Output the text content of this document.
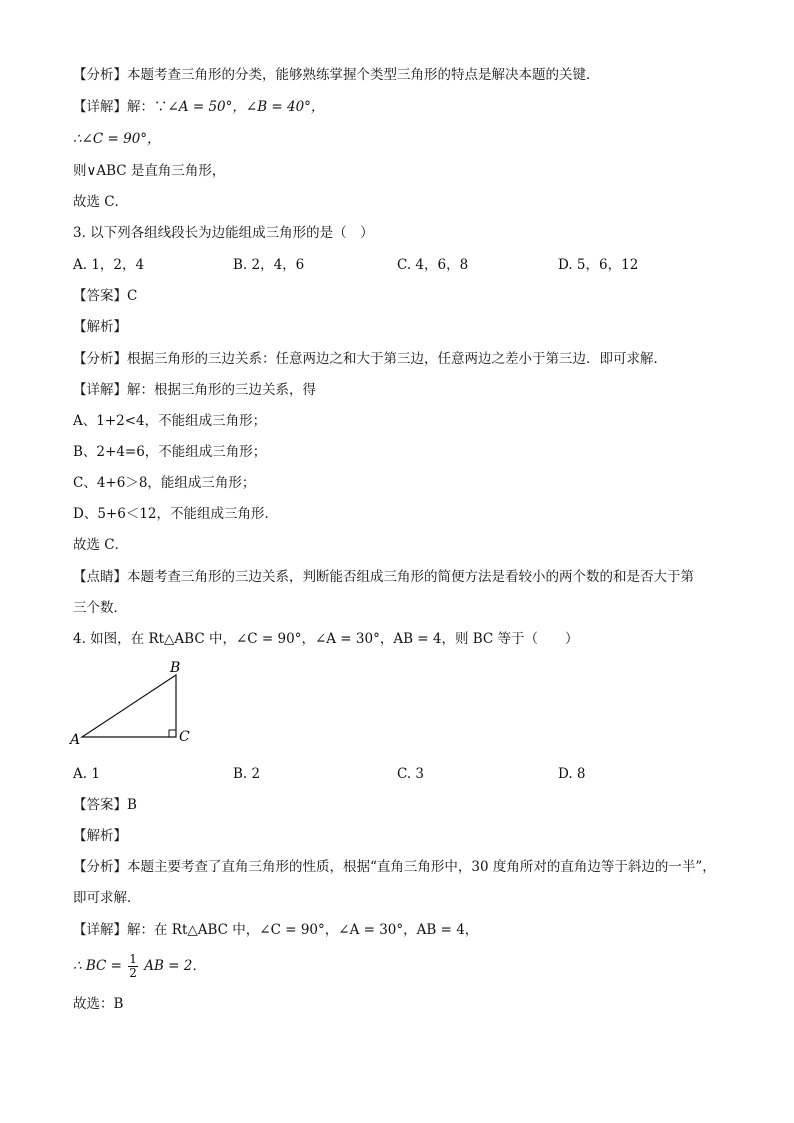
【分析】本题考查三角形的分类，能够熟练掌握个类型三角形的特点是解决本题的关键．
【详解】解：∵∠A = 50°，∠B = 40°，
∴∠C = 90°，
则∨ABC 是直角三角形，
故选 C．
3. 以下列各组线段长为边能组成三角形的是（　）
A. 1，2，4	B. 2，4，6	C. 4，6，8	D. 5，6，12
【答案】C
【解析】
【分析】根据三角形的三边关系：任意两边之和大于第三边，任意两边之差小于第三边．即可求解．
【详解】解：根据三角形的三边关系，得
A、1+2<4，不能组成三角形；
B、2+4=6，不能组成三角形；
C、4+6＞8，能组成三角形；
D、5+6＜12，不能组成三角形．
故选 C．
【点睛】本题考查三角形的三边关系，判断能否组成三角形的简便方法是看较小的两个数的和是否大于第
三个数．
4. 如图，在 Rt△ABC 中，∠C = 90°，∠A = 30°，AB = 4，则 BC 等于（　　）
B
A	C
A. 1	B. 2	C. 3	D. 8
【答案】B
【解析】
【分析】本题主要考查了直角三角形的性质，根据“直角三角形中，30 度角所对的直角边等于斜边的一半”，
即可求解．
【详解】解：在 Rt△ABC 中，∠C = 90°，∠A = 30°，AB = 4，
∴ BC = $\frac{1}{2}$ AB = 2．
故选：B
